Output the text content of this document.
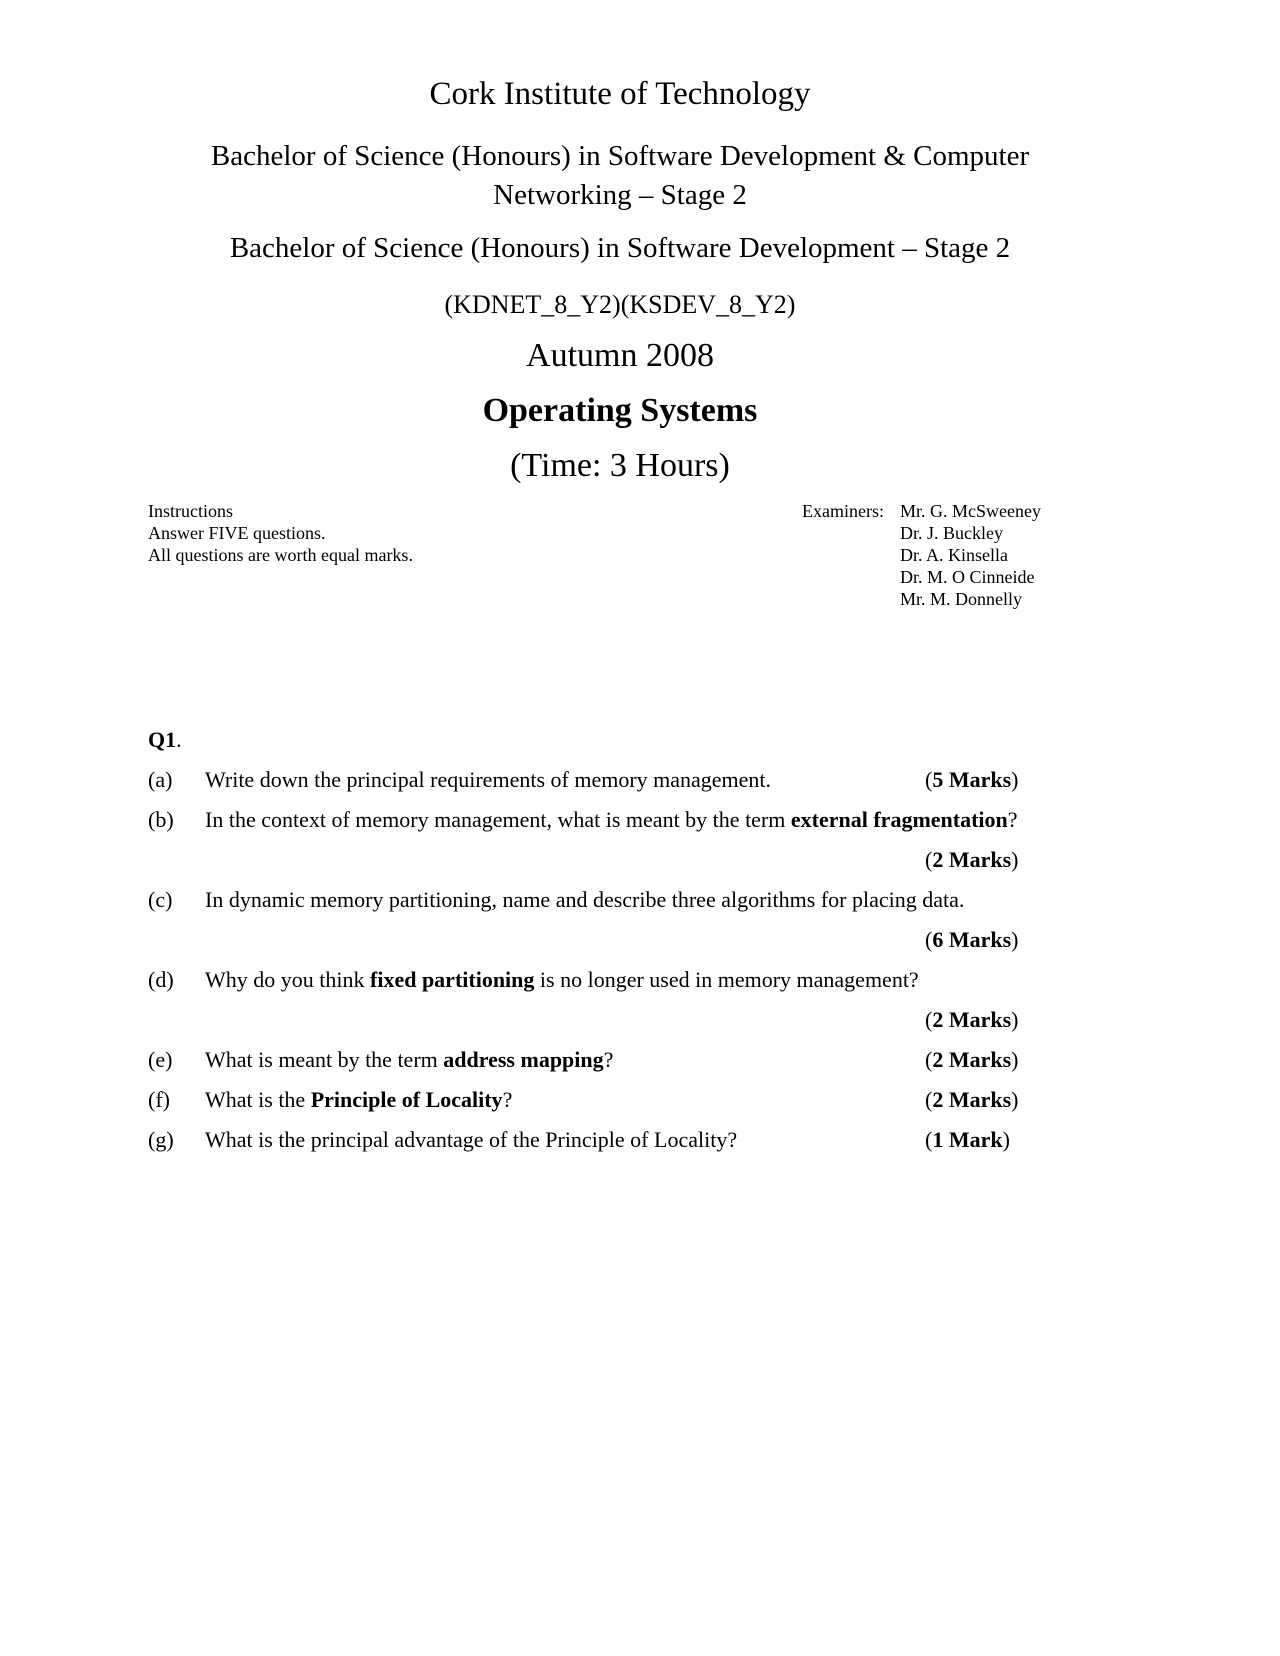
Cork Institute of Technology
Bachelor of Science (Honours) in Software Development & Computer
Networking – Stage 2
Bachelor of Science (Honours) in Software Development – Stage 2
(KDNET_8_Y2)(KSDEV_8_Y2)
Autumn 2008
Operating Systems
(Time: 3 Hours)
Instructions
Answer FIVE questions.
All questions are worth equal marks.
Examiners: Mr. G. McSweeney
Dr. J. Buckley
Dr. A. Kinsella
Dr. M. O Cinneide
Mr. M. Donnelly
Q1.
(a) Write down the principal requirements of memory management.	(5 Marks)
(b) In the context of memory management, what is meant by the term external fragmentation?
(2 Marks)
(c) In dynamic memory partitioning, name and describe three algorithms for placing data.
(6 Marks)
(d) Why do you think fixed partitioning is no longer used in memory management?
(2 Marks)
(e) What is meant by the term address mapping?	(2 Marks)
(f) What is the Principle of Locality?	(2 Marks)
(g) What is the principal advantage of the Principle of Locality?	(1 Mark)
